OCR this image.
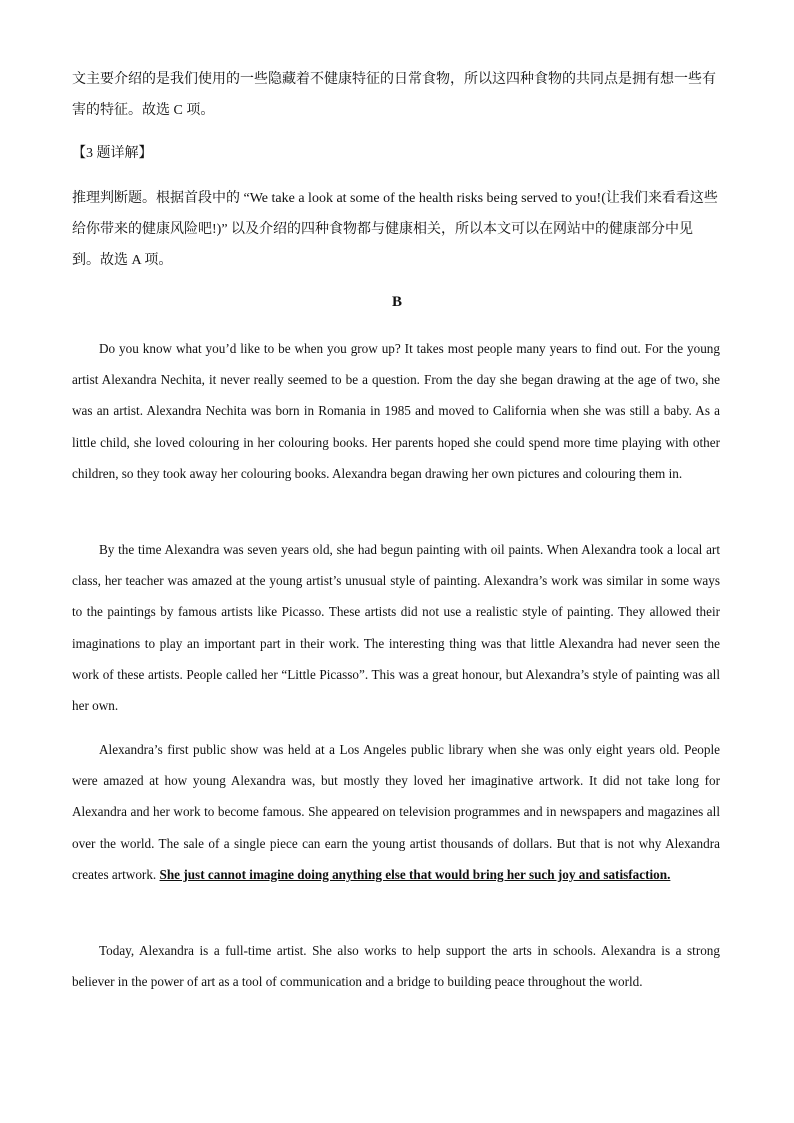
文主要介绍的是我们使用的一些隐藏着不健康特征的日常食物，所以这四种食物的共同点是拥有想一些有害的特征。故选 C 项。

【3 题详解】

推理判断题。根据首段中的 “We take a look at some of the health risks being served to you!(让我们来看看这些给你带来的健康风险吧!)” 以及介绍的四种食物都与健康相关，所以本文可以在网站中的健康部分中见到。故选 A 项。

B

Do you know what you’d like to be when you grow up? It takes most people many years to find out. For the young artist Alexandra Nechita, it never really seemed to be a question. From the day she began drawing at the age of two, she was an artist. Alexandra Nechita was born in Romania in 1985 and moved to California when she was still a baby. As a little child, she loved colouring in her colouring books. Her parents hoped she could spend more time playing with other children, so they took away her colouring books. Alexandra began drawing her own pictures and colouring them in.

By the time Alexandra was seven years old, she had begun painting with oil paints. When Alexandra took a local art class, her teacher was amazed at the young artist’s unusual style of painting. Alexandra’s work was similar in some ways to the paintings by famous artists like Picasso. These artists did not use a realistic style of painting. They allowed their imaginations to play an important part in their work. The interesting thing was that little Alexandra had never seen the work of these artists. People called her “Little Picasso”. This was a great honour, but Alexandra’s style of painting was all her own.

Alexandra’s first public show was held at a Los Angeles public library when she was only eight years old. People were amazed at how young Alexandra was, but mostly they loved her imaginative artwork. It did not take long for Alexandra and her work to become famous. She appeared on television programmes and in newspapers and magazines all over the world. The sale of a single piece can earn the young artist thousands of dollars. But that is not why Alexandra creates artwork. She just cannot imagine doing anything else that would bring her such joy and satisfaction.

Today, Alexandra is a full-time artist. She also works to help support the arts in schools. Alexandra is a strong believer in the power of art as a tool of communication and a bridge to building peace throughout the world.
